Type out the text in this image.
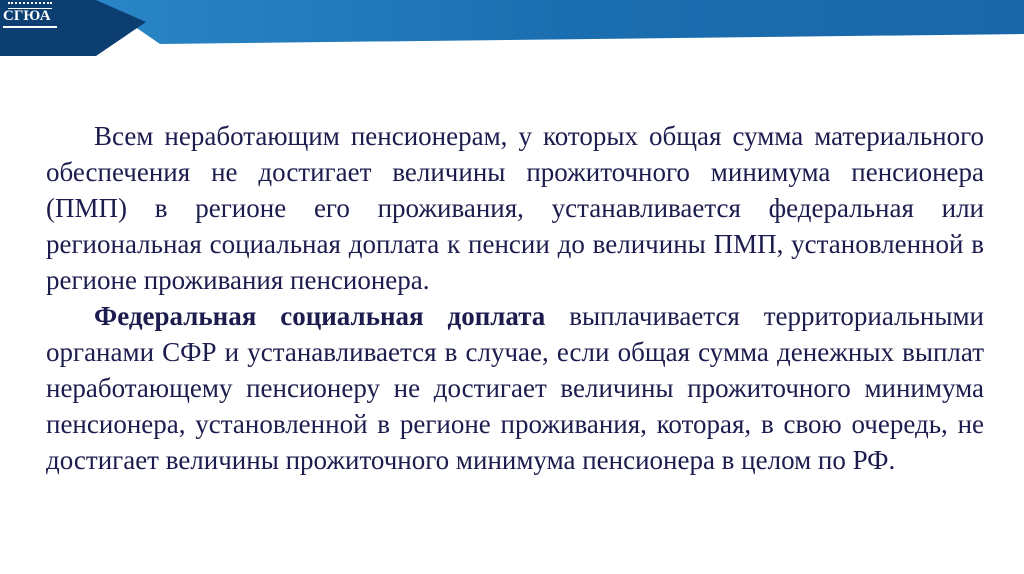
СГЮА

Всем неработающим пенсионерам, у которых общая сумма материального обеспечения не достигает величины прожиточного минимума пенсионера (ПМП) в регионе его проживания, устанавливается федеральная или региональная социальная доплата к пенсии до величины ПМП, установленной в регионе проживания пенсионера.

Федеральная социальная доплата выплачивается территориальными органами СФР и устанавливается в случае, если общая сумма денежных выплат неработающему пенсионеру не достигает величины прожиточного минимума пенсионера, установленной в регионе проживания, которая, в свою очередь, не достигает величины прожиточного минимума пенсионера в целом по РФ.
